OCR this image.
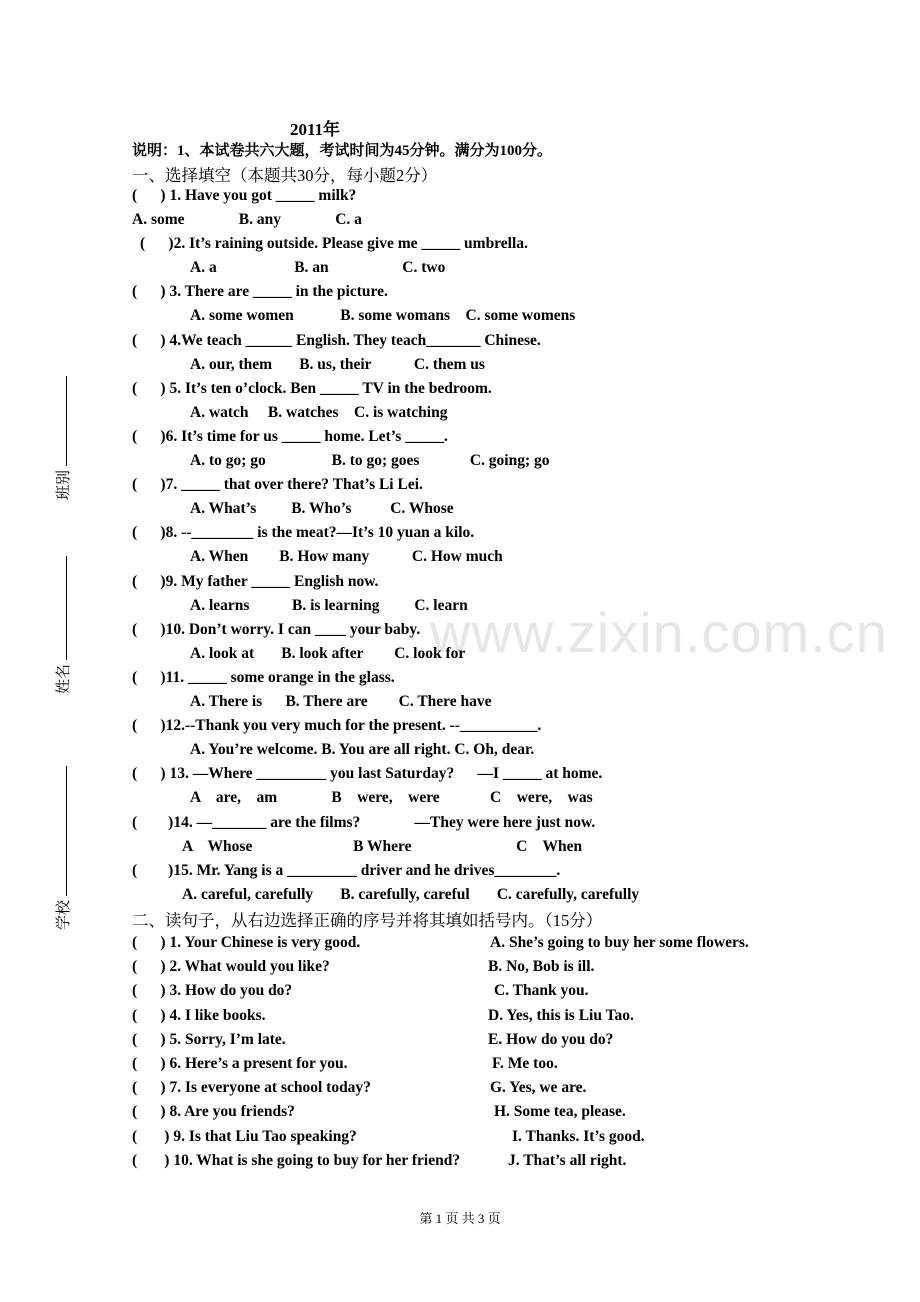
www.zixin.com.cn
班别
姓名
学校
2011年
说明：1、本试卷共六大题，考试时间为45分钟。满分为100分。
一、选择填空（本题共30分，每小题2分）
(      ) 1. Have you got _____ milk?
A. some              B. any              C. a
(      )2. It’s raining outside. Please give me _____ umbrella.
A. a                    B. an                   C. two
(      ) 3. There are _____ in the picture.
A. some women            B. some womans    C. some womens
(      ) 4.We teach ______ English. They teach_______ Chinese.
A. our, them       B. us, their           C. them us
(      ) 5. It’s ten o’clock. Ben _____ TV in the bedroom.
A. watch     B. watches    C. is watching
(      )6. It’s time for us _____ home. Let’s _____.
A. to go; go                 B. to go; goes             C. going; go
(      )7. _____ that over there? That’s Li Lei.
A. What’s         B. Who’s          C. Whose
(      )8. --________ is the meat?—It’s 10 yuan a kilo.
A. When        B. How many           C. How much
(      )9. My father _____ English now.
A. learns           B. is learning         C. learn
(      )10. Don’t worry. I can ____ your baby.
A. look at       B. look after        C. look for
(      )11. _____ some orange in the glass.
A. There is      B. There are        C. There have
(      )12.--Thank you very much for the present. --__________.
A. You’re welcome. B. You are all right. C. Oh, dear.
(      ) 13. —Where _________ you last Saturday?      —I _____ at home.
A    are,    am              B    were,    were             C    were,    was
(        )14. —_______ are the films?              —They were here just now.
A    Whose                          B Where                           C    When
(        )15. Mr. Yang is a _________ driver and he drives________.
A. careful, carefully       B. carefully, careful       C. carefully, carefully
二、读句子，从右边选择正确的序号并将其填如括号内。（15分）
(      ) 1. Your Chinese is very good.	A. She’s going to buy her some flowers.
(      ) 2. What would you like?	B. No, Bob is ill.
(      ) 3. How do you do?	C. Thank you.
(      ) 4. I like books.	D. Yes, this is Liu Tao.
(      ) 5. Sorry, I’m late.	E. How do you do?
(      ) 6. Here’s a present for you.	F. Me too.
(      ) 7. Is everyone at school today?	G. Yes, we are.
(      ) 8. Are you friends?	H. Some tea, please.
(       ) 9. Is that Liu Tao speaking?	I. Thanks. It’s good.
(       ) 10. What is she going to buy for her friend?	J. That’s all right.
第 1 页 共 3 页
